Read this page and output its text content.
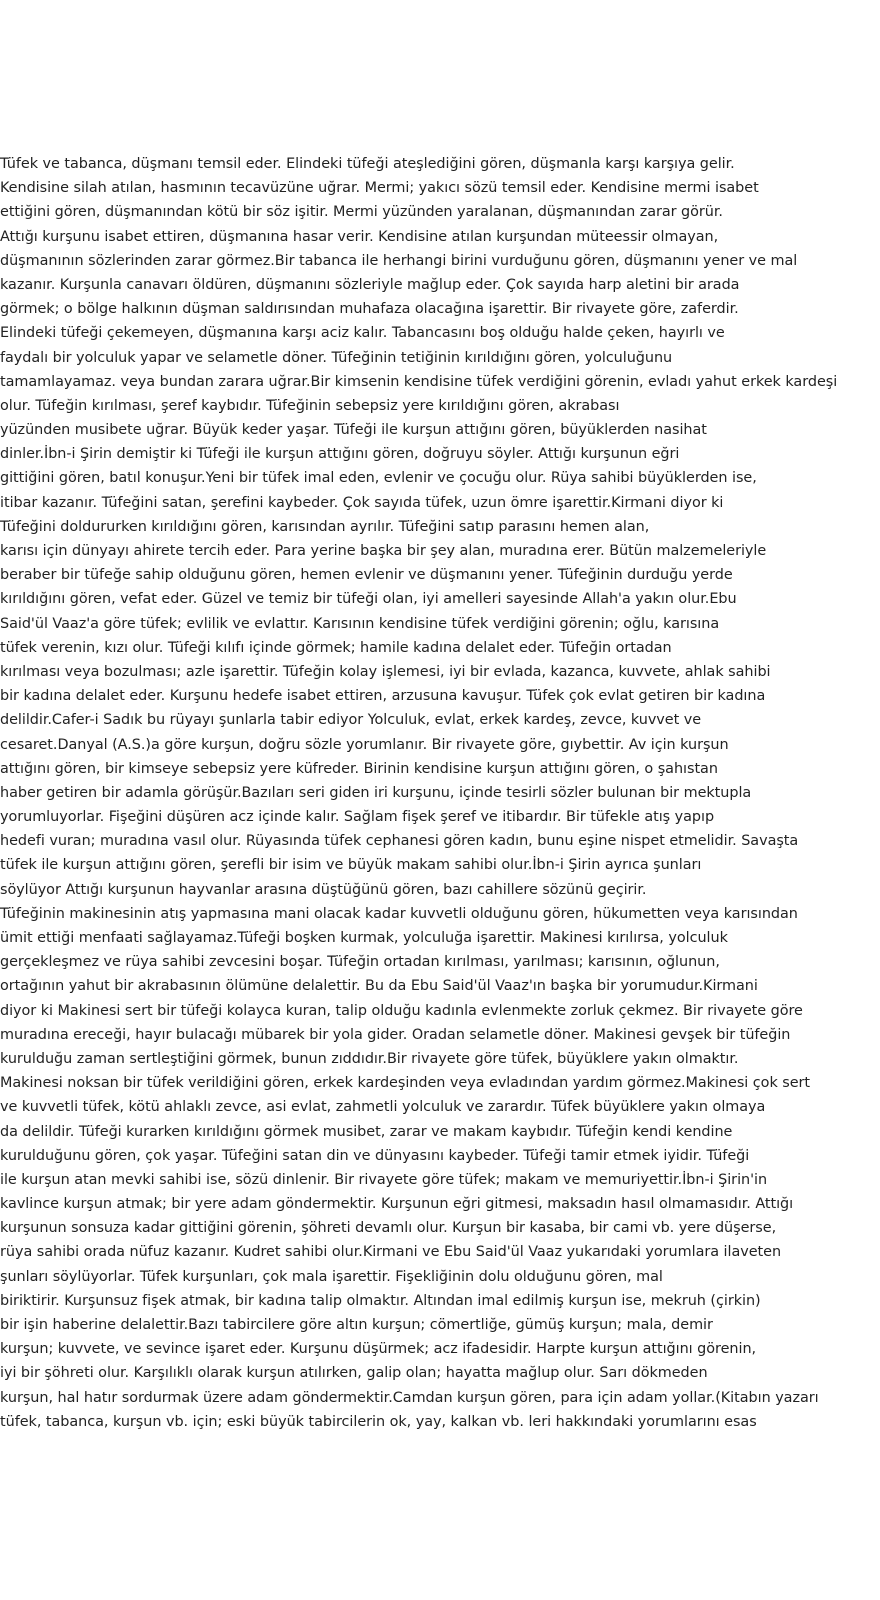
Tüfek ve tabanca, düşmanı temsil eder. Elindeki tüfeği ateşlediğini gören, düşmanla karşı karşıya gelir.
Kendisine silah atılan, hasmının tecavüzüne uğrar. Mermi; yakıcı sözü temsil eder. Kendisine mermi isabet
ettiğini gören, düşmanından kötü bir söz işitir. Mermi yüzünden yaralanan, düşmanından zarar görür.
Attığı kurşunu isabet ettiren, düşmanına hasar verir. Kendisine atılan kurşundan müteessir olmayan,
düşmanının sözlerinden zarar görmez.Bir tabanca ile herhangi birini vurduğunu gören, düşmanını yener ve mal
kazanır. Kurşunla canavarı öldüren, düşmanını sözleriyle mağlup eder. Çok sayıda harp aletini bir arada
görmek; o bölge halkının düşman saldırısından muhafaza olacağına işarettir. Bir rivayete göre, zaferdir.
Elindeki tüfeği çekemeyen, düşmanına karşı aciz kalır. Tabancasını boş olduğu halde çeken, hayırlı ve
faydalı bir yolculuk yapar ve selametle döner. Tüfeğinin tetiğinin kırıldığını gören, yolculuğunu
tamamlayamaz. veya bundan zarara uğrar.Bir kimsenin kendisine tüfek verdiğini görenin, evladı yahut erkek kardeşi
olur. Tüfeğin kırılması, şeref kaybıdır. Tüfeğinin sebepsiz yere kırıldığını gören, akrabası
yüzünden musibete uğrar. Büyük keder yaşar. Tüfeği ile kurşun attığını gören, büyüklerden nasihat
dinler.İbn-i Şirin demiştir ki Tüfeği ile kurşun attığını gören, doğruyu söyler. Attığı kurşunun eğri
gittiğini gören, batıl konuşur.Yeni bir tüfek imal eden, evlenir ve çocuğu olur. Rüya sahibi büyüklerden ise,
itibar kazanır. Tüfeğini satan, şerefini kaybeder. Çok sayıda tüfek, uzun ömre işarettir.Kirmani diyor ki
Tüfeğini doldururken kırıldığını gören, karısından ayrılır. Tüfeğini satıp parasını hemen alan,
karısı için dünyayı ahirete tercih eder. Para yerine başka bir şey alan, muradına erer. Bütün malzemeleriyle
beraber bir tüfeğe sahip olduğunu gören, hemen evlenir ve düşmanını yener. Tüfeğinin durduğu yerde
kırıldığını gören, vefat eder. Güzel ve temiz bir tüfeği olan, iyi amelleri sayesinde Allah'a yakın olur.Ebu
Said'ül Vaaz'a göre tüfek; evlilik ve evlattır. Karısının kendisine tüfek verdiğini görenin; oğlu, karısına
tüfek verenin, kızı olur. Tüfeği kılıfı içinde görmek; hamile kadına delalet eder. Tüfeğin ortadan
kırılması veya bozulması; azle işarettir. Tüfeğin kolay işlemesi, iyi bir evlada, kazanca, kuvvete, ahlak sahibi
bir kadına delalet eder. Kurşunu hedefe isabet ettiren, arzusuna kavuşur. Tüfek çok evlat getiren bir kadına
delildir.Cafer-i Sadık bu rüyayı şunlarla tabir ediyor Yolculuk, evlat, erkek kardeş, zevce, kuvvet ve
cesaret.Danyal (A.S.)a göre kurşun, doğru sözle yorumlanır. Bir rivayete göre, gıybettir. Av için kurşun
attığını gören, bir kimseye sebepsiz yere küfreder. Birinin kendisine kurşun attığını gören, o şahıstan
haber getiren bir adamla görüşür.Bazıları seri giden iri kurşunu, içinde tesirli sözler bulunan bir mektupla
yorumluyorlar. Fişeğini düşüren acz içinde kalır. Sağlam fişek şeref ve itibardır. Bir tüfekle atış yapıp
hedefi vuran; muradına vasıl olur. Rüyasında tüfek cephanesi gören kadın, bunu eşine nispet etmelidir. Savaşta
tüfek ile kurşun attığını gören, şerefli bir isim ve büyük makam sahibi olur.İbn-i Şirin ayrıca şunları
söylüyor Attığı kurşunun hayvanlar arasına düştüğünü gören, bazı cahillere sözünü geçirir.
Tüfeğinin makinesinin atış yapmasına mani olacak kadar kuvvetli olduğunu gören, hükumetten veya karısından
ümit ettiği menfaati sağlayamaz.Tüfeği boşken kurmak, yolculuğa işarettir. Makinesi kırılırsa, yolculuk
gerçekleşmez ve rüya sahibi zevcesini boşar. Tüfeğin ortadan kırılması, yarılması; karısının, oğlunun,
ortağının yahut bir akrabasının ölümüne delalettir. Bu da Ebu Said'ül Vaaz'ın başka bir yorumudur.Kirmani
diyor ki Makinesi sert bir tüfeği kolayca kuran, talip olduğu kadınla evlenmekte zorluk çekmez. Bir rivayete göre
muradına ereceği, hayır bulacağı mübarek bir yola gider. Oradan selametle döner. Makinesi gevşek bir tüfeğin
kurulduğu zaman sertleştiğini görmek, bunun zıddıdır.Bir rivayete göre tüfek, büyüklere yakın olmaktır.
Makinesi noksan bir tüfek verildiğini gören, erkek kardeşinden veya evladından yardım görmez.Makinesi çok sert
ve kuvvetli tüfek, kötü ahlaklı zevce, asi evlat, zahmetli yolculuk ve zarardır. Tüfek büyüklere yakın olmaya
da delildir. Tüfeği kurarken kırıldığını görmek musibet, zarar ve makam kaybıdır. Tüfeğin kendi kendine
kurulduğunu gören, çok yaşar. Tüfeğini satan din ve dünyasını kaybeder. Tüfeği tamir etmek iyidir. Tüfeği
ile kurşun atan mevki sahibi ise, sözü dinlenir. Bir rivayete göre tüfek; makam ve memuriyettir.İbn-i Şirin'in
kavlince kurşun atmak; bir yere adam göndermektir. Kurşunun eğri gitmesi, maksadın hasıl olmamasıdır. Attığı
kurşunun sonsuza kadar gittiğini görenin, şöhreti devamlı olur. Kurşun bir kasaba, bir cami vb. yere düşerse,
rüya sahibi orada nüfuz kazanır. Kudret sahibi olur.Kirmani ve Ebu Said'ül Vaaz yukarıdaki yorumlara ilaveten
şunları söylüyorlar. Tüfek kurşunları, çok mala işarettir. Fişekliğinin dolu olduğunu gören, mal
biriktirir. Kurşunsuz fişek atmak, bir kadına talip olmaktır. Altından imal edilmiş kurşun ise, mekruh (çirkin)
bir işin haberine delalettir.Bazı tabircilere göre altın kurşun; cömertliğe, gümüş kurşun; mala, demir
kurşun; kuvvete, ve sevince işaret eder. Kurşunu düşürmek; acz ifadesidir. Harpte kurşun attığını görenin,
iyi bir şöhreti olur. Karşılıklı olarak kurşun atılırken, galip olan; hayatta mağlup olur. Sarı dökmeden
kurşun, hal hatır sordurmak üzere adam göndermektir.Camdan kurşun gören, para için adam yollar.(Kitabın yazarı
tüfek, tabanca, kurşun vb. için; eski büyük tabircilerin ok, yay, kalkan vb. leri hakkındaki yorumlarını esas
